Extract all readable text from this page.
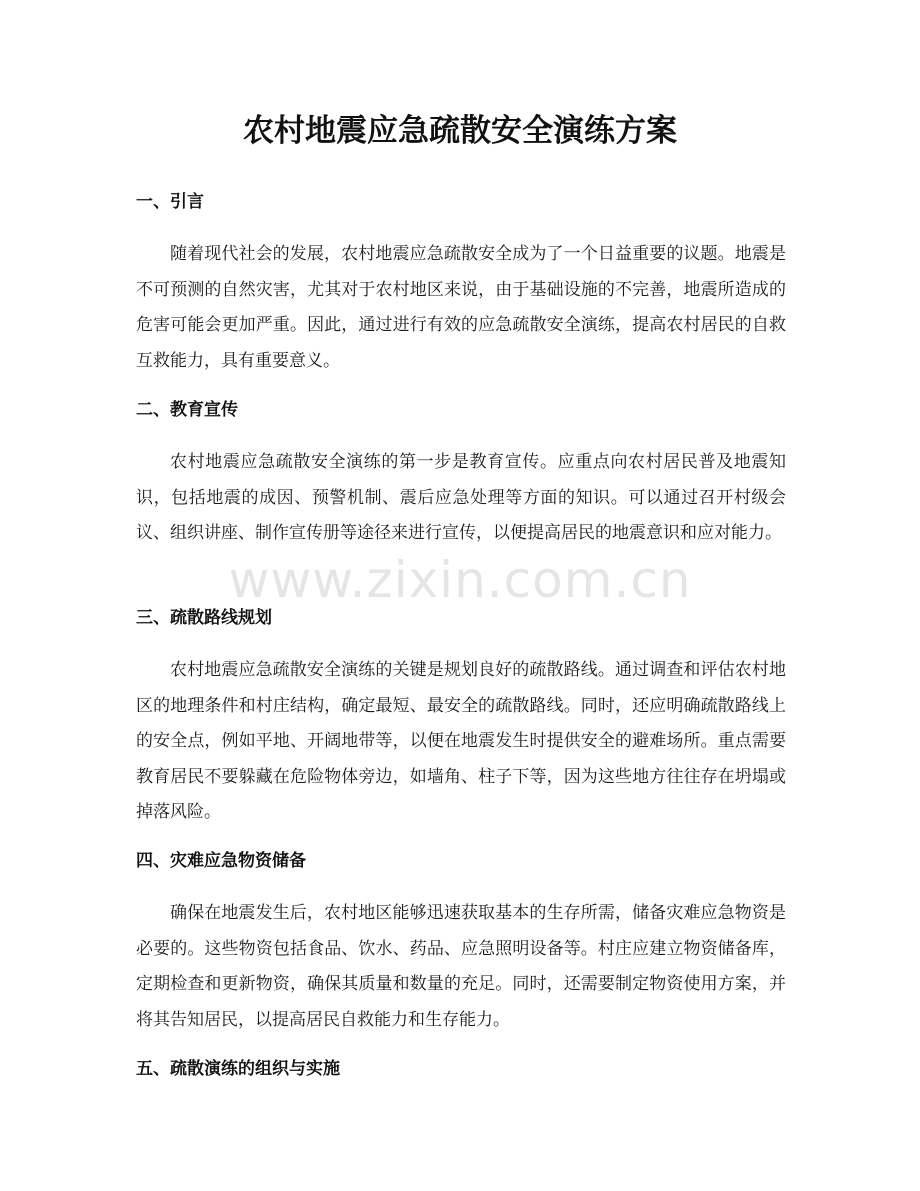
农村地震应急疏散安全演练方案
一、引言

随着现代社会的发展，农村地震应急疏散安全成为了一个日益重要的议题。地震是不可预测的自然灾害，尤其对于农村地区来说，由于基础设施的不完善，地震所造成的危害可能会更加严重。因此，通过进行有效的应急疏散安全演练，提高农村居民的自救互救能力，具有重要意义。

二、教育宣传

农村地震应急疏散安全演练的第一步是教育宣传。应重点向农村居民普及地震知识，包括地震的成因、预警机制、震后应急处理等方面的知识。可以通过召开村级会议、组织讲座、制作宣传册等途径来进行宣传，以便提高居民的地震意识和应对能力。

三、疏散路线规划

农村地震应急疏散安全演练的关键是规划良好的疏散路线。通过调查和评估农村地区的地理条件和村庄结构，确定最短、最安全的疏散路线。同时，还应明确疏散路线上的安全点，例如平地、开阔地带等，以便在地震发生时提供安全的避难场所。重点需要教育居民不要躲藏在危险物体旁边，如墙角、柱子下等，因为这些地方往往存在坍塌或掉落风险。

四、灾难应急物资储备

确保在地震发生后，农村地区能够迅速获取基本的生存所需，储备灾难应急物资是必要的。这些物资包括食品、饮水、药品、应急照明设备等。村庄应建立物资储备库，定期检查和更新物资，确保其质量和数量的充足。同时，还需要制定物资使用方案，并将其告知居民，以提高居民自救能力和生存能力。

五、疏散演练的组织与实施
www.zixin.com.cn
